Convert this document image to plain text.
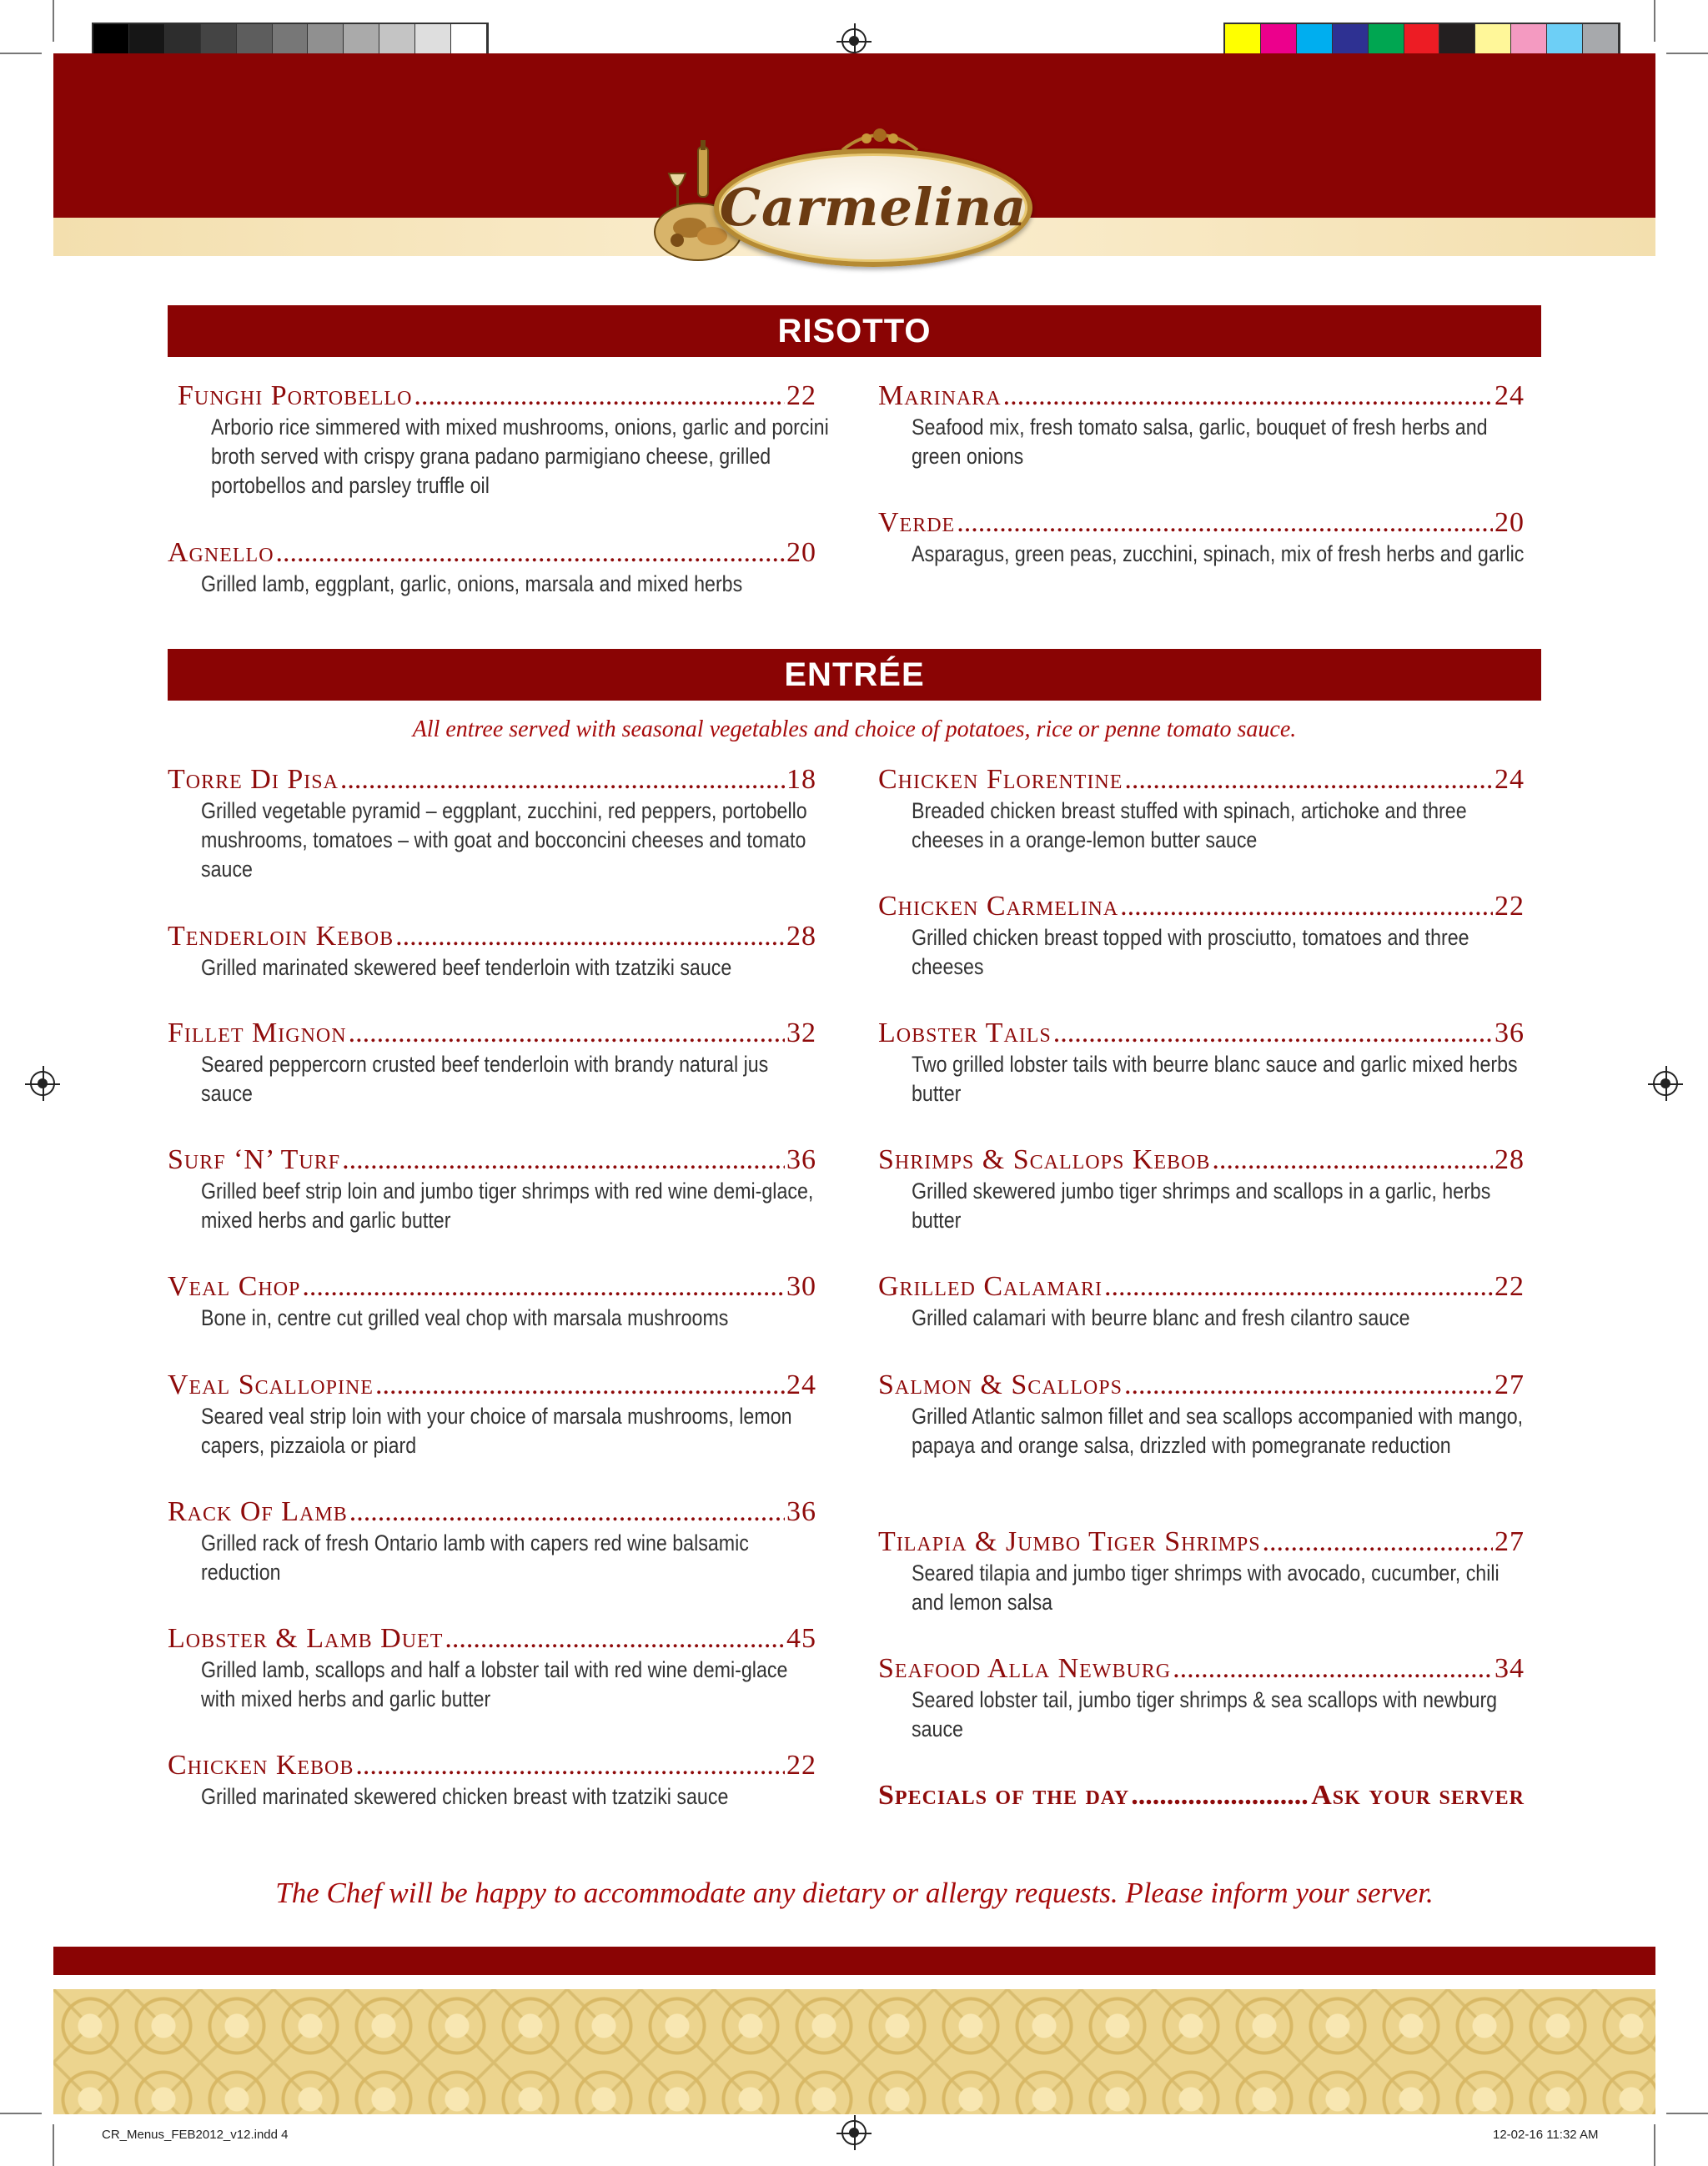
Carmelina
RISOTTO
Funghi Portobello .....	22
Arborio rice simmered with mixed mushrooms, onions, garlic and porcini broth served with crispy grana padano parmigiano cheese, grilled portobellos and parsley truffle oil
Agnello .....	20
Grilled lamb, eggplant, garlic, onions, marsala and mixed herbs
Marinara .....	24
Seafood mix, fresh tomato salsa, garlic, bouquet of fresh herbs and green onions
Verde .....	20
Asparagus, green peas, zucchini, spinach, mix of fresh herbs and garlic
ENTRÉE
All entree served with seasonal vegetables and choice of potatoes, rice or penne tomato sauce.
Torre Di Pisa .....	18
Grilled vegetable pyramid – eggplant, zucchini, red peppers, portobello mushrooms, tomatoes – with goat and bocconcini cheeses and tomato sauce
Tenderloin Kebob .....	28
Grilled marinated skewered beef tenderloin with tzatziki sauce
Fillet Mignon .....	32
Seared peppercorn crusted beef tenderloin with brandy natural jus sauce
Surf ‘N’ Turf .....	36
Grilled beef strip loin and jumbo tiger shrimps with red wine demi-glace, mixed herbs and garlic butter
Veal Chop .....	30
Bone in, centre cut grilled veal chop with marsala mushrooms
Veal Scallopine .....	24
Seared veal strip loin with your choice of marsala mushrooms, lemon capers, pizzaiola or piard
Rack Of Lamb .....	36
Grilled rack of fresh Ontario lamb with capers red wine balsamic reduction
Lobster & Lamb Duet .....	45
Grilled lamb, scallops and half a lobster tail with red wine demi-glace with mixed herbs and garlic butter
Chicken Kebob .....	22
Grilled marinated skewered chicken breast with tzatziki sauce
Chicken Florentine .....	24
Breaded chicken breast stuffed with spinach, artichoke and three cheeses in a orange-lemon butter sauce
Chicken Carmelina .....	22
Grilled chicken breast topped with prosciutto, tomatoes and three cheeses
Lobster Tails .....	36
Two grilled lobster tails with beurre blanc sauce and garlic mixed herbs butter
Shrimps & Scallops Kebob .....	28
Grilled skewered jumbo tiger shrimps and scallops in a garlic, herbs butter
Grilled Calamari .....	22
Grilled calamari with beurre blanc and fresh cilantro sauce
Salmon & Scallops .....	27
Grilled Atlantic salmon fillet and sea scallops accompanied with mango, papaya and orange salsa, drizzled with pomegranate reduction
Tilapia & Jumbo Tiger Shrimps .....	27
Seared tilapia and jumbo tiger shrimps with avocado, cucumber, chili and lemon salsa
Seafood Alla Newburg .....	34
Seared lobster tail, jumbo tiger shrimps & sea scallops with newburg sauce
Specials of the day .....	Ask your server
The Chef will be happy to accommodate any dietary or allergy requests. Please inform your server.
CR_Menus_FEB2012_v12.indd 4	12-02-16 11:32 AM
